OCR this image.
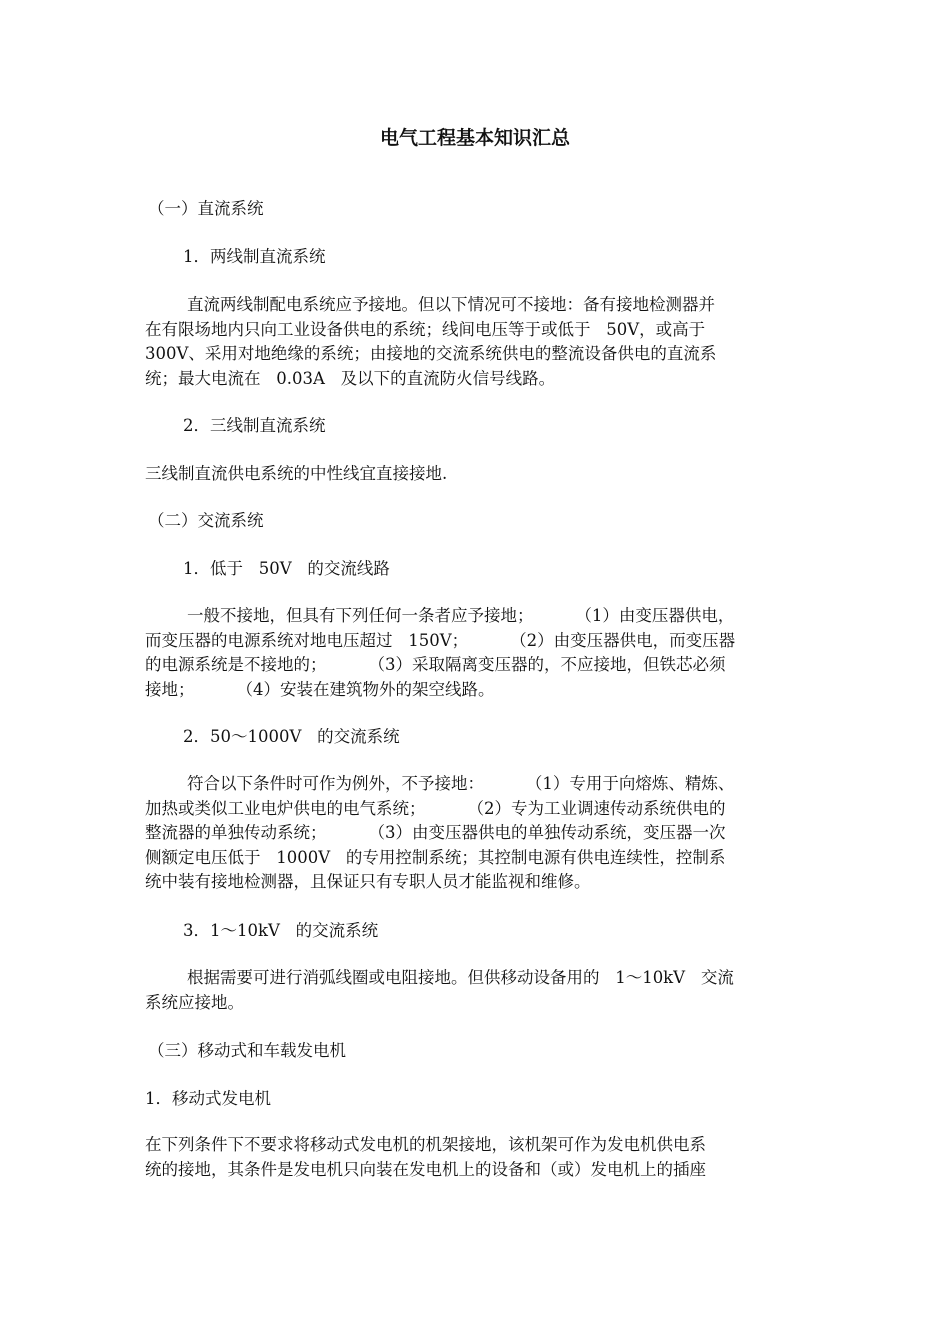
电气工程基本知识汇总
（一）直流系统
1．两线制直流系统
直流两线制配电系统应予接地。但以下情况可不接地：备有接地检测器并
在有限场地内只向工业设备供电的系统；线间电压等于或低于   50V，或高于
300V、采用对地绝缘的系统；由接地的交流系统供电的整流设备供电的直流系
统；最大电流在   0.03A   及以下的直流防火信号线路。
2．三线制直流系统
三线制直流供电系统的中性线宜直接接地.
（二）交流系统
1．低于   50V   的交流线路
一般不接地，但具有下列任何一条者应予接地；        （1）由变压器供电，
而变压器的电源系统对地电压超过   150V；        （2）由变压器供电，而变压器
的电源系统是不接地的；        （3）采取隔离变压器的，不应接地，但铁芯必须
接地；        （4）安装在建筑物外的架空线路。
2．50～1000V   的交流系统
符合以下条件时可作为例外，不予接地：        （1）专用于向熔炼、精炼、
加热或类似工业电炉供电的电气系统；        （2）专为工业调速传动系统供电的
整流器的单独传动系统；        （3）由变压器供电的单独传动系统，变压器一次
侧额定电压低于   1000V   的专用控制系统；其控制电源有供电连续性，控制系
统中装有接地检测器，且保证只有专职人员才能监视和维修。
3．1～10kV   的交流系统
根据需要可进行消弧线圈或电阻接地。但供移动设备用的   1～10kV   交流
系统应接地。
（三）移动式和车载发电机
1．移动式发电机
在下列条件下不要求将移动式发电机的机架接地，该机架可作为发电机供电系
统的接地，其条件是发电机只向装在发电机上的设备和（或）发电机上的插座
